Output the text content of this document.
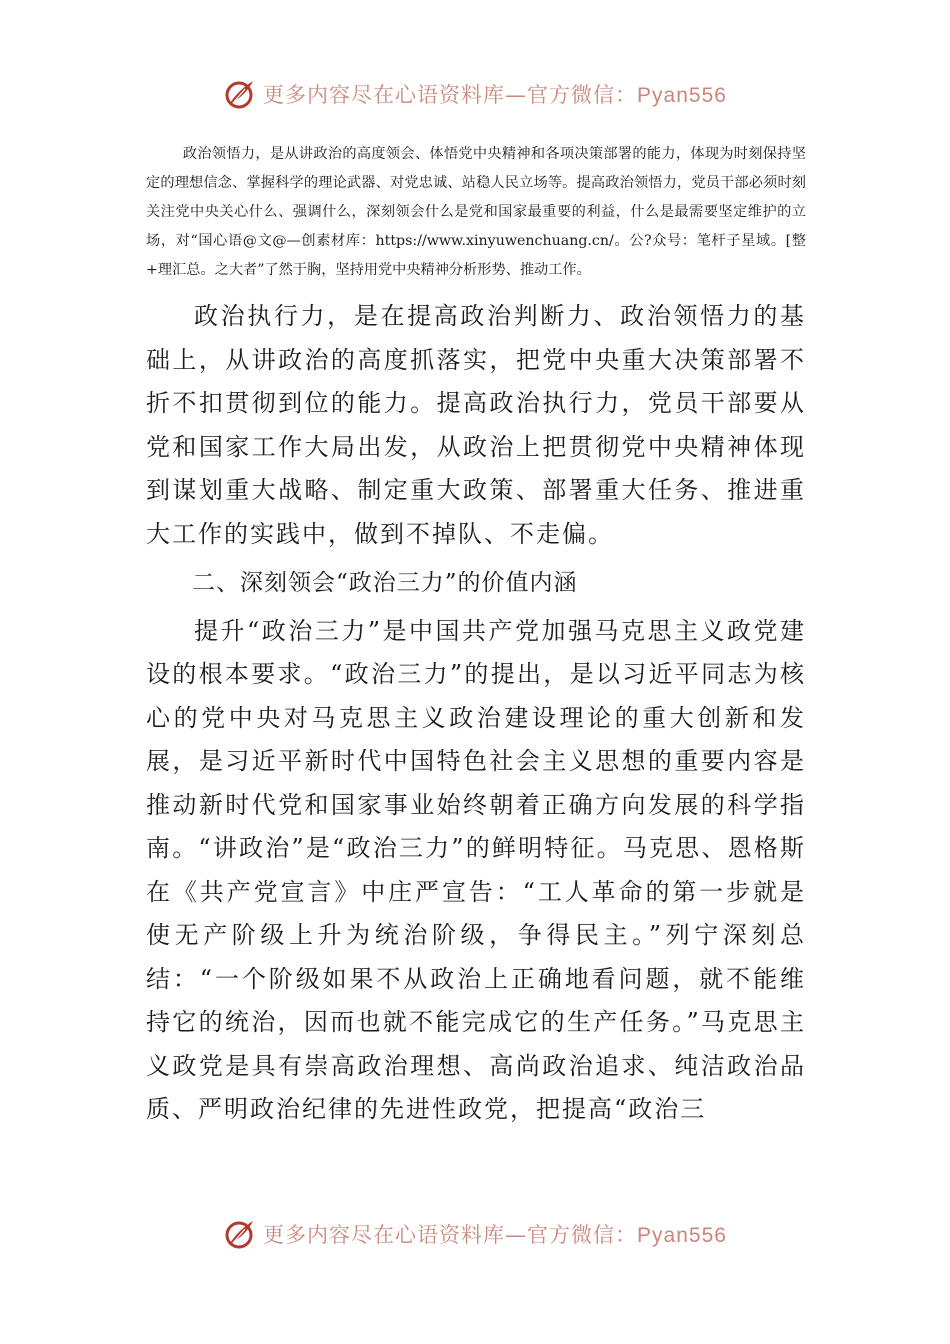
更多内容尽在心语资料库—官方微信：Pyan556

政治领悟力，是从讲政治的高度领会、体悟党中央精神和各项决策部署的能力，体现为时刻保持坚定的理想信念、掌握科学的理论武器、对党忠诚、站稳人民立场等。提高政治领悟力，党员干部必须时刻关注党中央关心什么、强调什么，深刻领会什么是党和国家最重要的利益，什么是最需要坚定维护的立场，对“国心语@文@—创素材库：https://www.xinyuwenchuang.cn/。公?众号：笔杆子星域。[整+理汇总。之大者”了然于胸，坚持用党中央精神分析形势、推动工作。

政治执行力，是在提高政治判断力、政治领悟力的基础上，从讲政治的高度抓落实，把党中央重大决策部署不折不扣贯彻到位的能力。提高政治执行力，党员干部要从党和国家工作大局出发，从政治上把贯彻党中央精神体现到谋划重大战略、制定重大政策、部署重大任务、推进重大工作的实践中，做到不掉队、不走偏。

二、深刻领会“政治三力”的价值内涵

提升“政治三力”是中国共产党加强马克思主义政党建设的根本要求。“政治三力”的提出，是以习近平同志为核心的党中央对马克思主义政治建设理论的重大创新和发展，是习近平新时代中国特色社会主义思想的重要内容是推动新时代党和国家事业始终朝着正确方向发展的科学指南。“讲政治”是“政治三力”的鲜明特征。马克思、恩格斯在《共产党宣言》中庄严宣告：“工人革命的第一步就是使无产阶级上升为统治阶级，争得民主。”列宁深刻总结：“一个阶级如果不从政治上正确地看问题，就不能维持它的统治，因而也就不能完成它的生产任务。”马克思主义政党是具有崇高政治理想、高尚政治追求、纯洁政治品质、严明政治纪律的先进性政党，把提高“政治三

更多内容尽在心语资料库—官方微信：Pyan556
